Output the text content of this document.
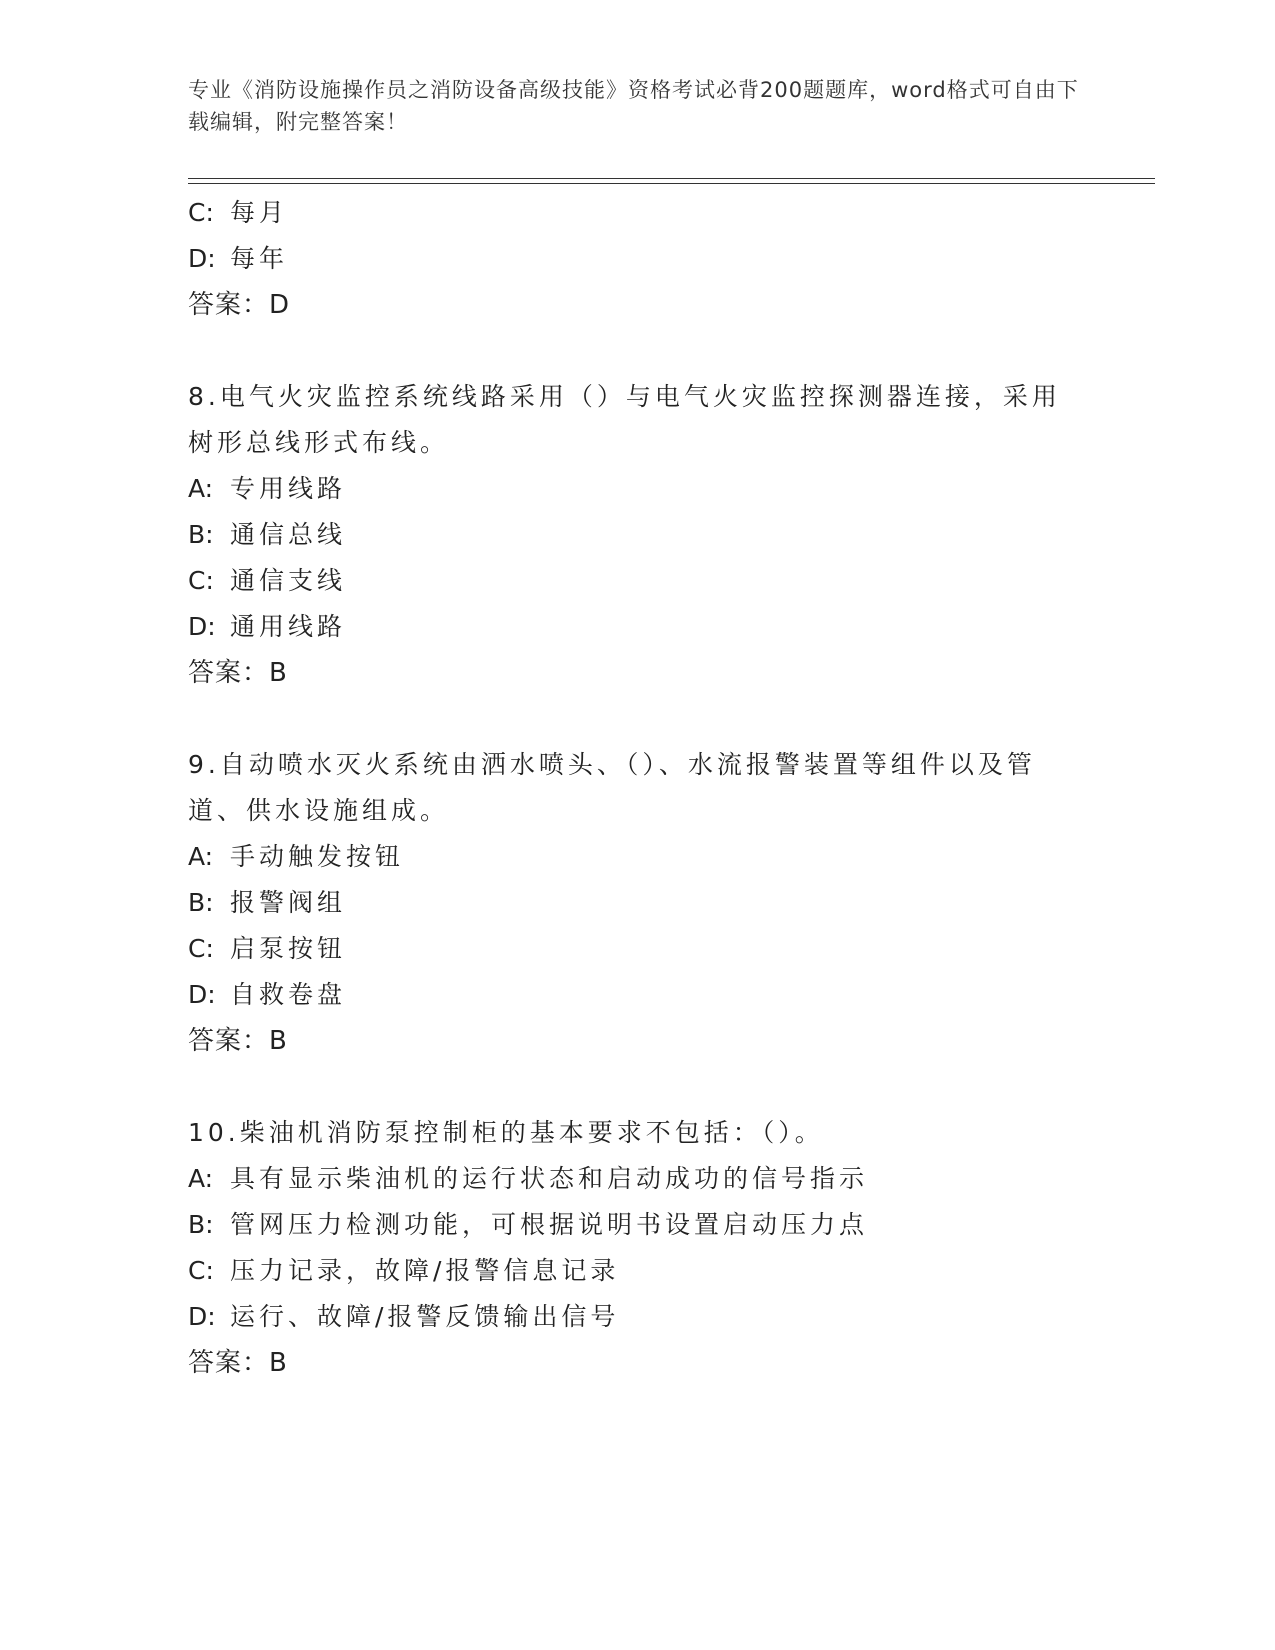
专业《消防设施操作员之消防设备高级技能》资格考试必背200题题库，word格式可自由下载编辑，附完整答案！
C: 每月
D: 每年
答案：D
8.电气火灾监控系统线路采用（）与电气火灾监控探测器连接，采用树形总线形式布线。
A: 专用线路
B: 通信总线
C: 通信支线
D: 通用线路
答案：B
9.自动喷水灭火系统由洒水喷头、（）、水流报警装置等组件以及管道、供水设施组成。
A: 手动触发按钮
B: 报警阀组
C: 启泵按钮
D: 自救卷盘
答案：B
10.柴油机消防泵控制柜的基本要求不包括：（）。
A: 具有显示柴油机的运行状态和启动成功的信号指示
B: 管网压力检测功能，可根据说明书设置启动压力点
C: 压力记录，故障/报警信息记录
D: 运行、故障/报警反馈输出信号
答案：B
